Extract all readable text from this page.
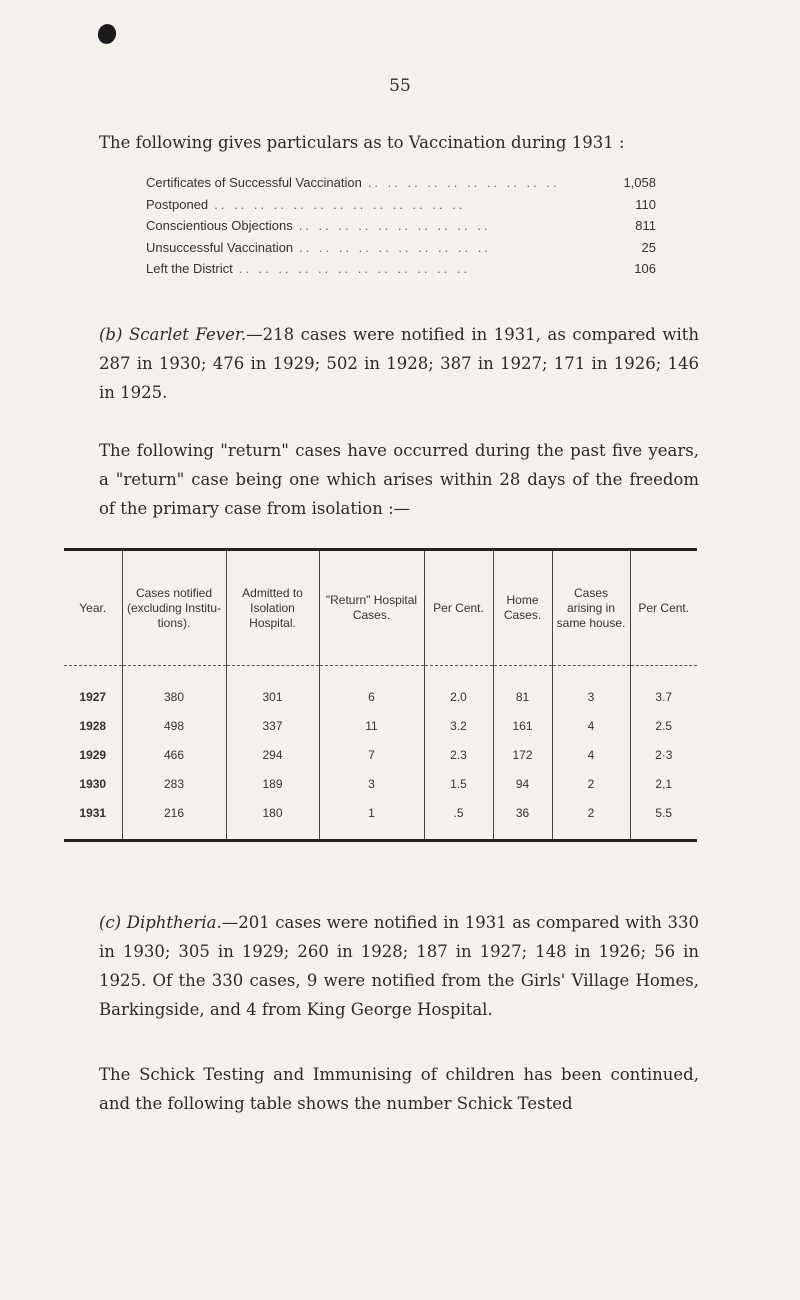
55
The following gives particulars as to Vaccination during 1931 :
Certificates of Successful Vaccination .. .. .. .. .. .. .. .. .. ..	1,058
Postponed .. .. .. .. .. .. .. .. .. .. .. .. ..	110
Conscientious Objections .. .. .. .. .. .. .. .. .. ..	811
Unsuccessful Vaccination .. .. .. .. .. .. .. .. .. ..	25
Left the District .. .. .. .. .. .. .. .. .. .. .. ..	106
(b) Scarlet Fever.—218 cases were notified in 1931, as compared with 287 in 1930; 476 in 1929; 502 in 1928; 387 in 1927; 171 in 1926; 146 in 1925.
The following "return" cases have occurred during the past five years, a "return" case being one which arises within 28 days of the freedom of the primary case from isolation :—
Year.	Cases notified (excluding Institu-tions).	Admitted to Isolation Hospital.	"Return" Hospital Cases.	Per Cent.	Home Cases.	Cases arising in same house.	Per Cent.
1927	380	301	6	2.0	81	3	3.7
1928	498	337	11	3.2	161	4	2.5
1929	466	294	7	2.3	172	4	2·3
1930	283	189	3	1.5	94	2	2,1
1931	216	180	1	.5	36	2	5.5
(c) Diphtheria.—201 cases were notified in 1931 as compared with 330 in 1930; 305 in 1929; 260 in 1928; 187 in 1927; 148 in 1926; 56 in 1925. Of the 330 cases, 9 were notified from the Girls' Village Homes, Barkingside, and 4 from King George Hospital.
The Schick Testing and Immunising of children has been continued, and the following table shows the number Schick Tested
